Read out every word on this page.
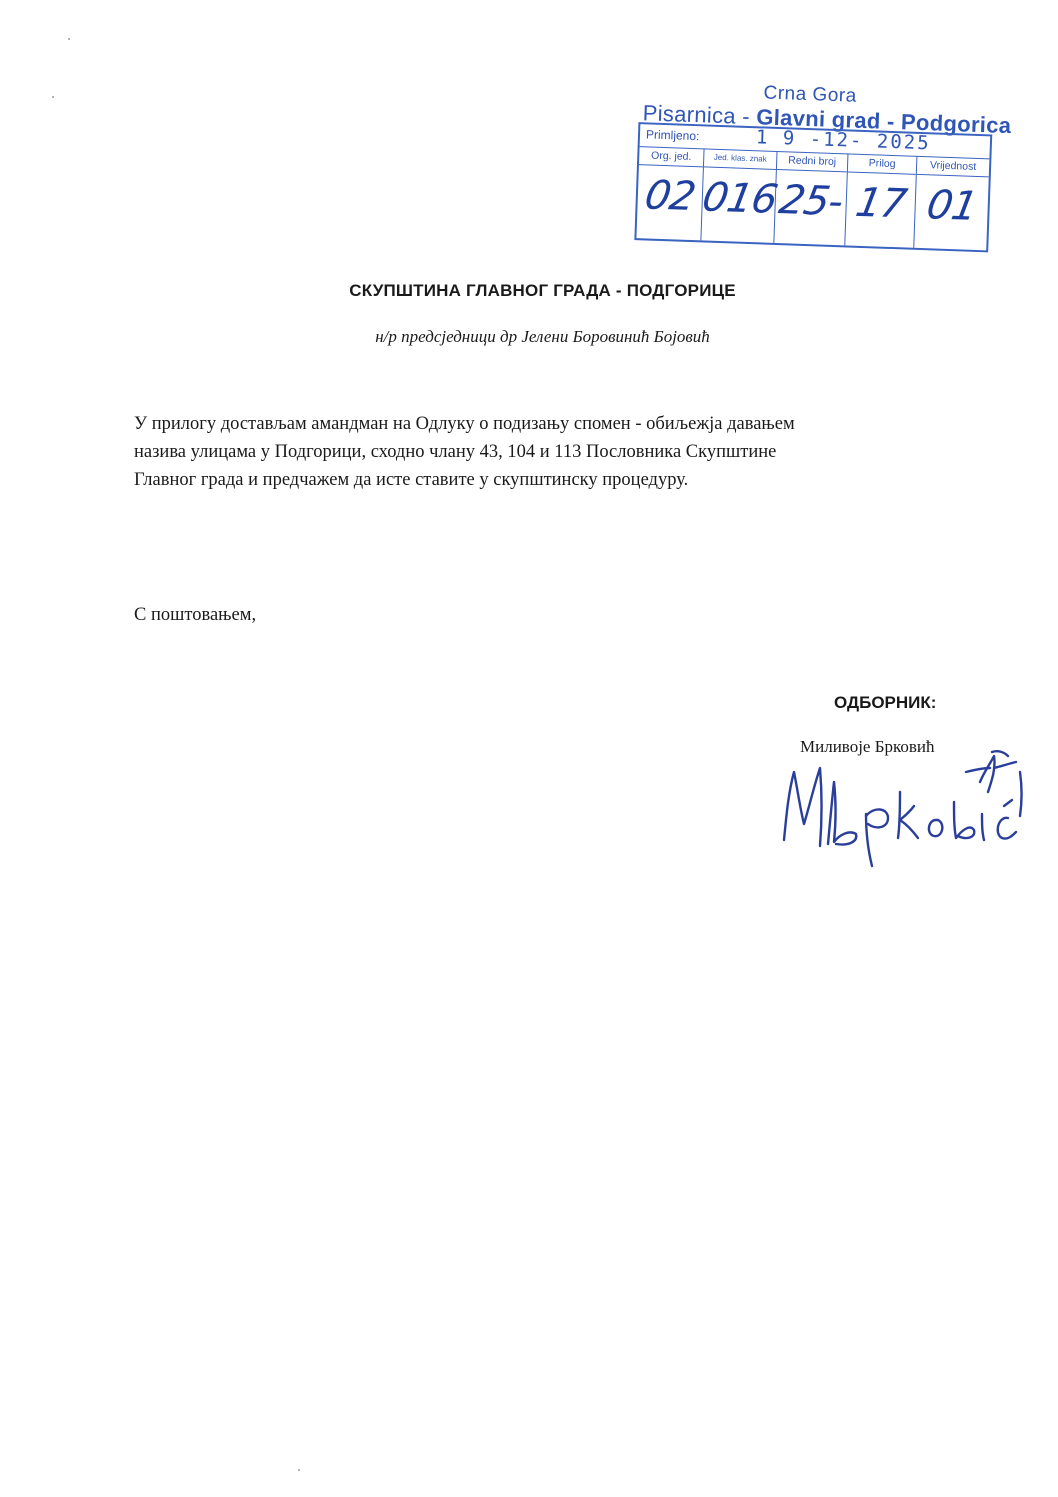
Crna Gora
Pisarnica - Glavni grad - Podgorica
Primljeno:	1 9 -12- 2025
Org. jed.
02
Jed. klas. znak
016
Redni broj
25-
Prilog
17
Vrijednost
01
СКУПШТИНА ГЛАВНОГ ГРАДА - ПОДГОРИЦЕ
н/р предсједници др Јелени Боровинић Бојовић
У прилогу достављам амандман на Одлуку о подизању спомен - обиљежја давањем
назива улицама у Подгорици, сходно члану 43, 104 и 113 Пословника Скупштине
Главног града и предчажем да исте ставите у скупштинску процедуру.
С поштовањем,
ОДБОРНИК:
Миливоје Брковић
